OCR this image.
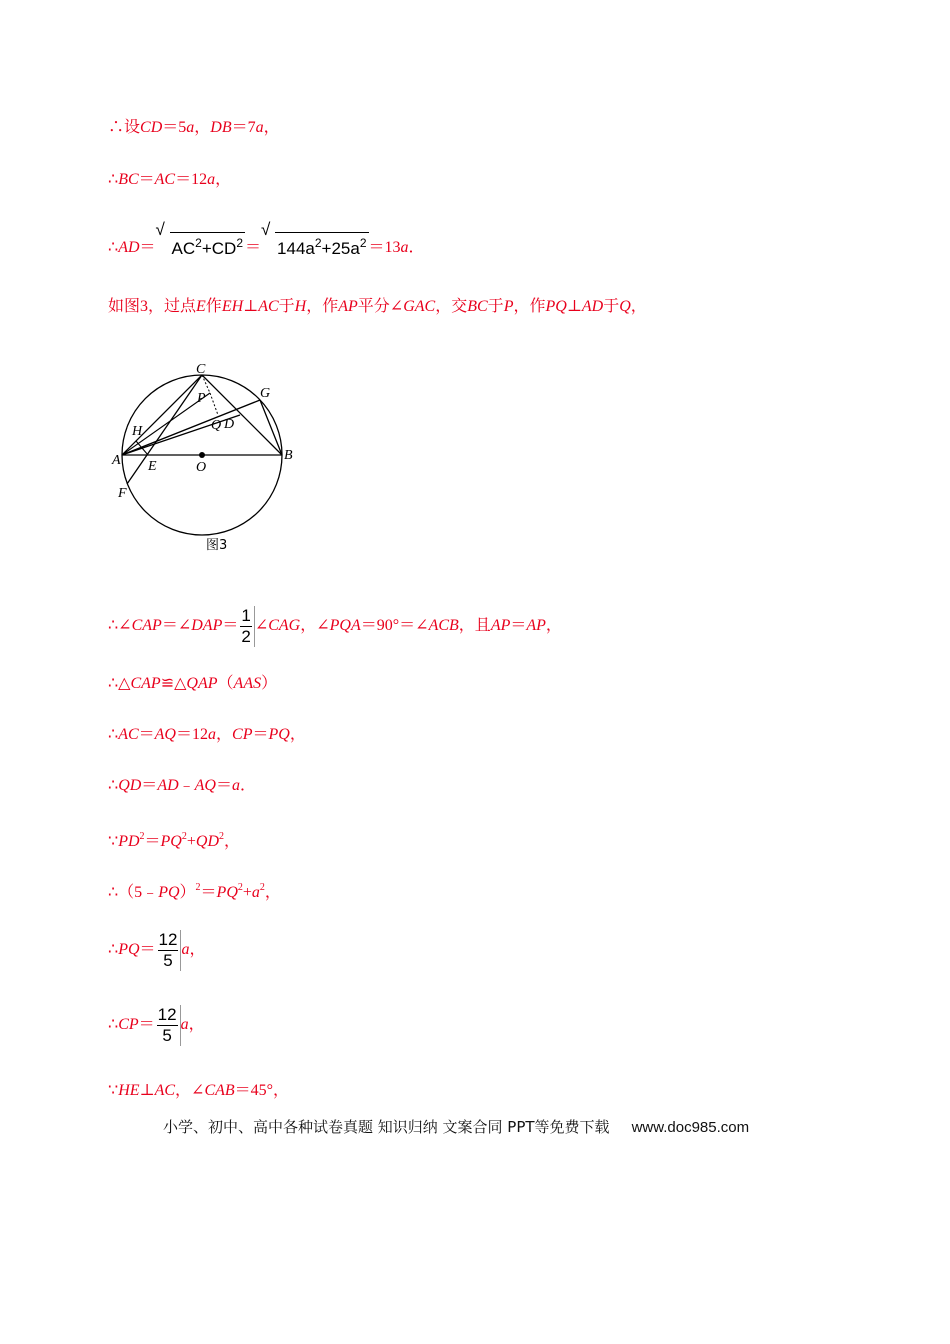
∴设CD＝5a，DB＝7a，
∴BC＝AC＝12a，
∴AD＝
√
$AC^2+CD^2$ ＝
√
$144a^2+25a^2 =13a$．
如图3，过点E作EH⊥AC于H，作AP平分∠GAC，交BC于P，作PQ⊥AD于Q，
C
G
P
H	Q D
A E	O
B
F
图3
∴∠CAP＝∠DAP＝ $\frac{1}{2}$ ∠CAG，∠PQA＝90°＝∠ACB，且AP＝AP，
∴△CAP≌△QAP（AAS）
∴AC＝AQ＝12a，CP＝PQ，
∴QD＝AD﹣AQ＝a．
$\because PD^2=PQ^2+QD^2$，
$\therefore(5﹣PQ)^2=PQ^2+a^2$，
∴PQ＝ $\frac{12}{5}$ a，
∴CP＝ $\frac{12}{5}$ a，
∵HE⊥AC，∠CAB＝45°，
小学、初中、高中各种试卷真题 知识归纳 文案合同 PPT等免费下载 www.doc985.com
